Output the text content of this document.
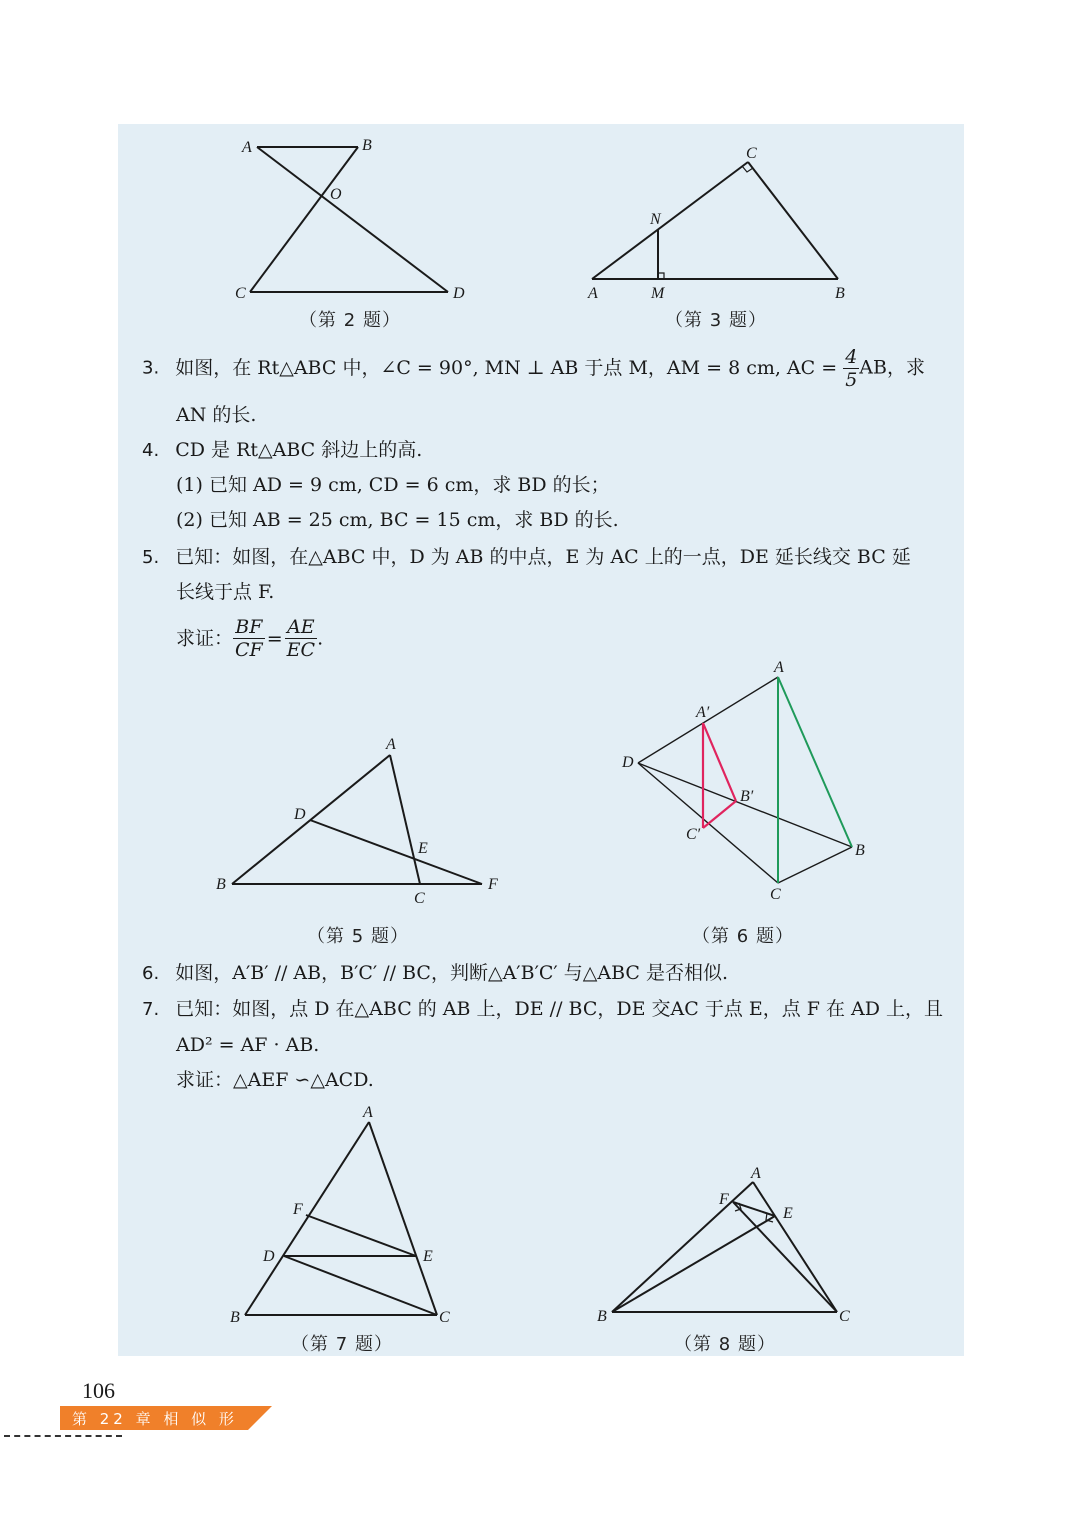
A	B
O
C	D
（第 2 题）
C
N
A	M	B
（第 3 题）
3. 如图，在 Rt△ABC 中，∠C = 90°, MN ⊥ AB 于点 M，AM = 8 cm, AC = $\frac{4}{5}$ AB，求
AN 的长.
4. CD 是 Rt△ABC 斜边上的高.
(1) 已知 AD = 9 cm, CD = 6 cm，求 BD 的长；
(2) 已知 AB = 25 cm, BC = 15 cm，求 BD 的长.
5. 已知：如图，在△ABC 中，D 为 AB 的中点，E 为 AC 上的一点，DE 延长线交 BC 延
长线于点 F.
求证： $\frac{BF}{CF} = \frac{AE}{EC}$ .
A
D
E
B
C
F
（第 5 题）
A
A′
D
B′
C′
B
C
（第 6 题）
6. 如图，A′B′ // AB，B′C′ // BC，判断△A′B′C′ 与△ABC 是否相似.
7. 已知：如图，点 D 在△ABC 的 AB 上，DE // BC，DE 交AC 于点 E，点 F 在 AD 上，且
AD² = AF · AB.
求证：△AEF ∽△ACD.
A
F
D	E
B	C
（第 7 题）
A
F
E
B	C
（第 8 题）
106
第 22 章 相 似 形
